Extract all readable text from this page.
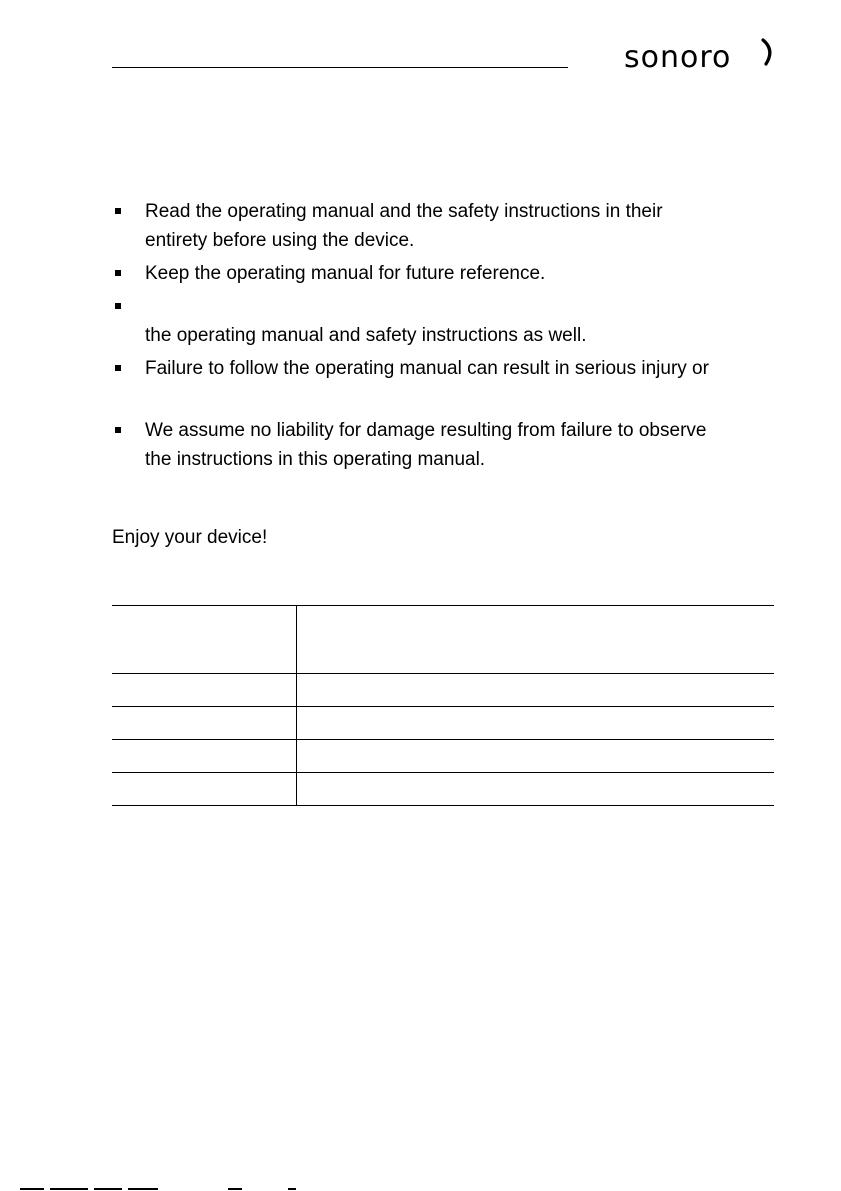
sonoro
Read the operating manual and the safety instructions in their
entirety before using the device.
Keep the operating manual for future reference.
the operating manual and safety instructions as well.
Failure to follow the operating manual can result in serious injury or
We assume no liability for damage resulting from failure to observe
the instructions in this operating manual.

Enjoy your device!
